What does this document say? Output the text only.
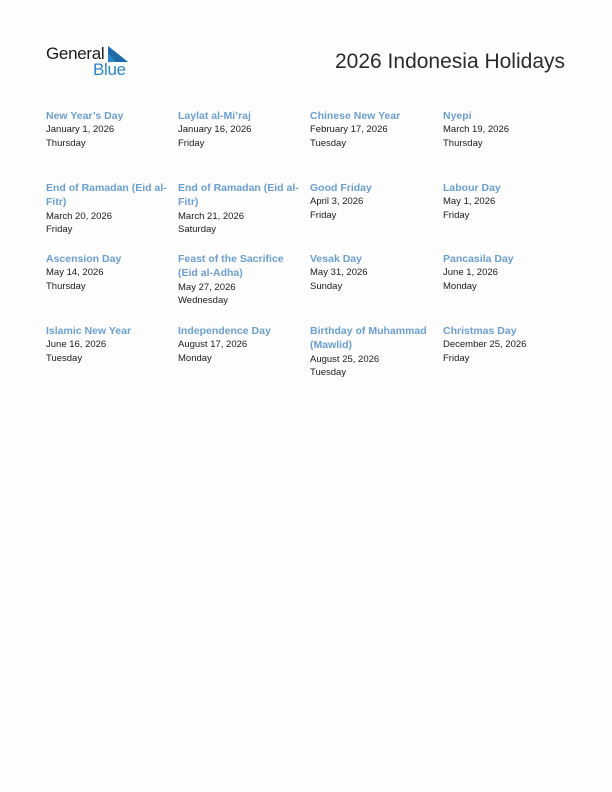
General
Blue	2026 Indonesia Holidays
New Year’s Day
January 1, 2026
Thursday
Laylat al-Mi’raj
January 16, 2026
Friday
Chinese New Year
February 17, 2026
Tuesday
Nyepi
March 19, 2026
Thursday
End of Ramadan (Eid al-Fitr)
March 20, 2026
Friday
End of Ramadan (Eid al-Fitr)
March 21, 2026
Saturday
Good Friday
April 3, 2026
Friday
Labour Day
May 1, 2026
Friday
Ascension Day
May 14, 2026
Thursday
Feast of the Sacrifice (Eid al-Adha)
May 27, 2026
Wednesday
Vesak Day
May 31, 2026
Sunday
Pancasila Day
June 1, 2026
Monday
Islamic New Year
June 16, 2026
Tuesday
Independence Day
August 17, 2026
Monday
Birthday of Muhammad (Mawlid)
August 25, 2026
Tuesday
Christmas Day
December 25, 2026
Friday
